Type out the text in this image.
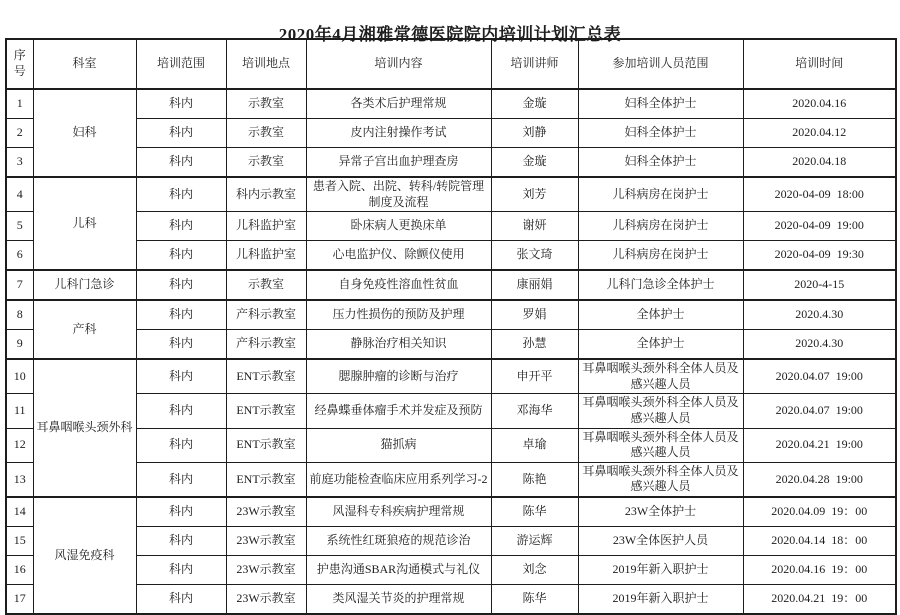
2020年4月湘雅常德医院院内培训计划汇总表
序号	科室	培训范围	培训地点	培训内容	培训讲师	参加培训人员范围	培训时间
1	妇科	科内	示教室	各类术后护理常规	金璇	妇科全体护士	2020.04.16
2		科内	示教室	皮内注射操作考试	刘静	妇科全体护士	2020.04.12
3		科内	示教室	异常子宫出血护理查房	金璇	妇科全体护士	2020.04.18
4	儿科	科内	科内示教室	患者入院、出院、转科/转院管理制度及流程	刘芳	儿科病房在岗护士	2020-04-09  18:00
5		科内	儿科监护室	卧床病人更换床单	谢妍	儿科病房在岗护士	2020-04-09  19:00
6		科内	儿科监护室	心电监护仪、除颤仪使用	张文琦	儿科病房在岗护士	2020-04-09  19:30
7	儿科门急诊	科内	示教室	自身免疫性溶血性贫血	康丽娟	儿科门急诊全体护士	2020-4-15
8	产科	科内	产科示教室	压力性损伤的预防及护理	罗娟	全体护士	2020.4.30
9		科内	产科示教室	静脉治疗相关知识	孙慧	全体护士	2020.4.30
10	耳鼻咽喉头颈外科	科内	ENT示教室	腮腺肿瘤的诊断与治疗	申开平	耳鼻咽喉头颈外科全体人员及感兴趣人员	2020.04.07  19:00
11		科内	ENT示教室	经鼻蝶垂体瘤手术并发症及预防	邓海华	耳鼻咽喉头颈外科全体人员及感兴趣人员	2020.04.07  19:00
12		科内	ENT示教室	猫抓病	卓瑜	耳鼻咽喉头颈外科全体人员及感兴趣人员	2020.04.21  19:00
13		科内	ENT示教室	前庭功能检查临床应用系列学习-2	陈艳	耳鼻咽喉头颈外科全体人员及感兴趣人员	2020.04.28  19:00
14	风湿免疫科	科内	23W示教室	风湿科专科疾病护理常规	陈华	23W全体护士	2020.04.09  19：00
15		科内	23W示教室	系统性红斑狼疮的规范诊治	游运辉	23W全体医护人员	2020.04.14  18：00
16		科内	23W示教室	护患沟通SBAR沟通模式与礼仪	刘念	2019年新入职护士	2020.04.16  19：00
17		科内	23W示教室	类风湿关节炎的护理常规	陈华	2019年新入职护士	2020.04.21  19：00
